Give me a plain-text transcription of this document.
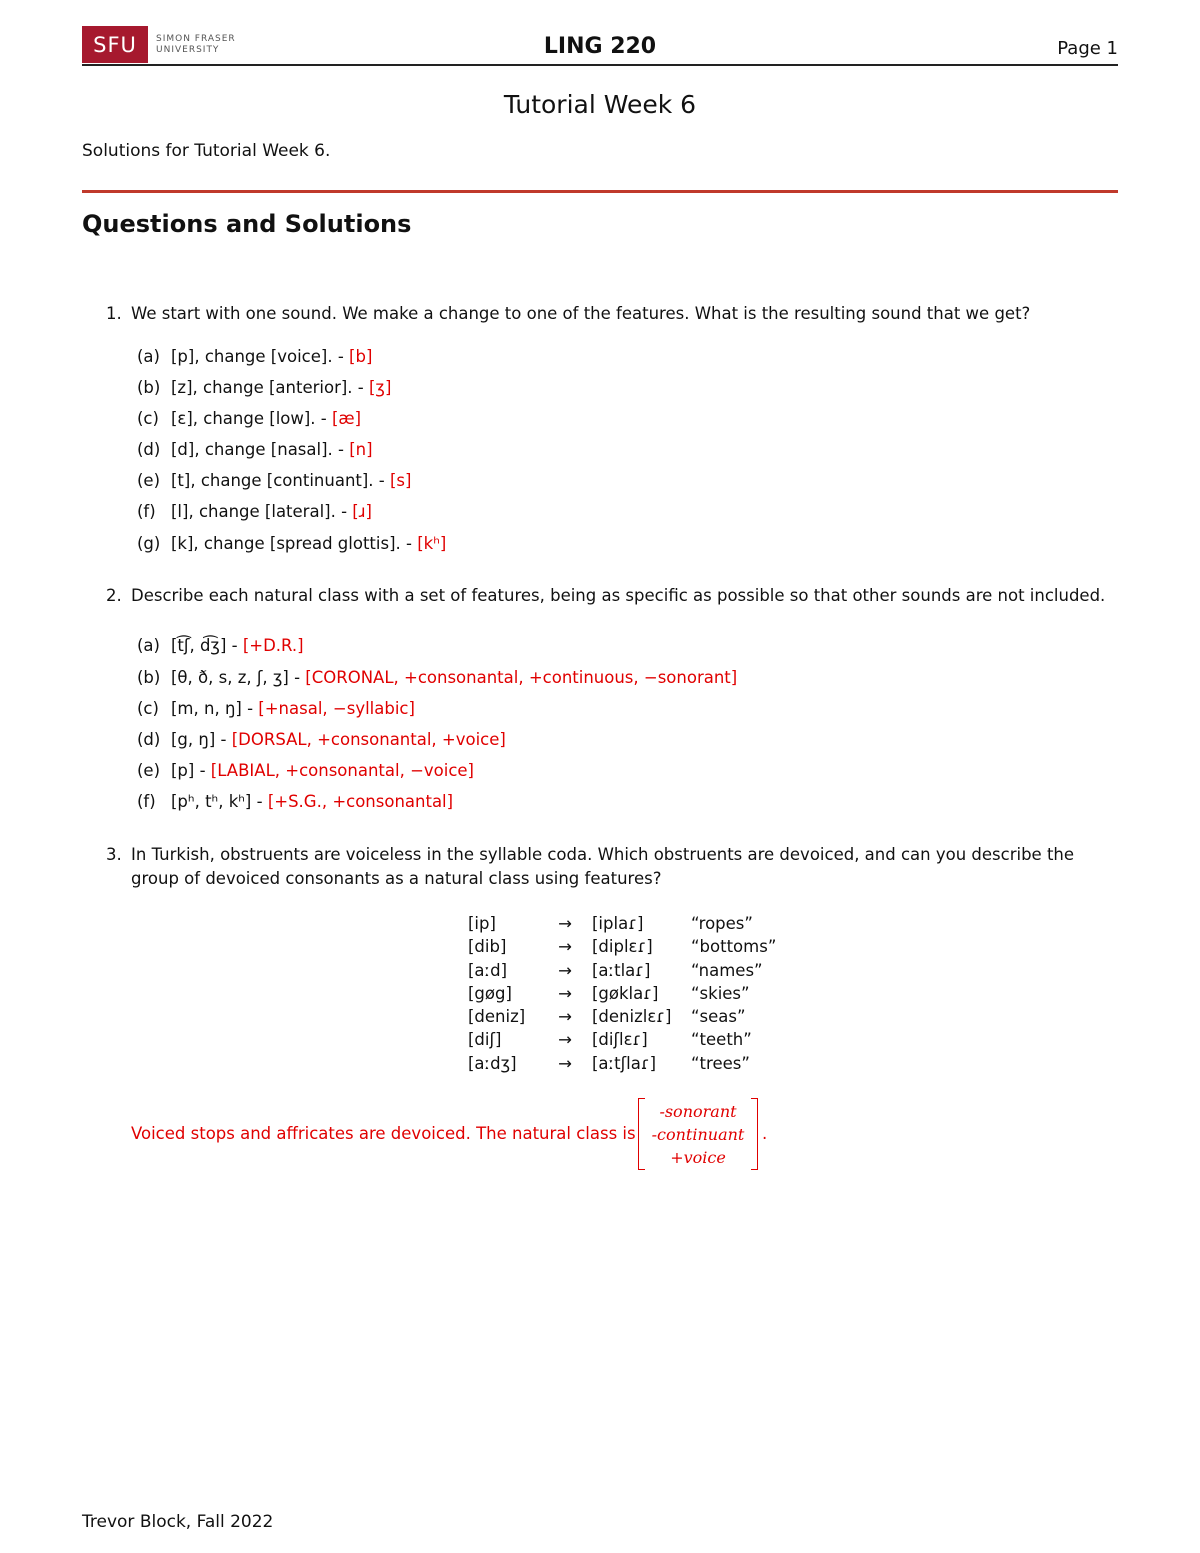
SFU	SIMON FRASER
UNIVERSITY	LING 220	Page 1
Tutorial Week 6
Solutions for Tutorial Week 6.
Questions and Solutions
1. We start with one sound. We make a change to one of the features. What is the resulting sound that we get?
(a) [p], change [voice]. - [b]
(b) [z], change [anterior]. - [ʒ]
(c) [ɛ], change [low]. - [æ]
(d) [d], change [nasal]. - [n]
(e) [t], change [continuant]. - [s]
(f) [l], change [lateral]. - [ɹ]
(g) [k], change [spread glottis]. - [kʰ]
2. Describe each natural class with a set of features, being as specific as possible so that other sounds are not included.
(a) [t͡ʃ, d͡ʒ] - [+D.R.]
(b) [θ, ð, s, z, ʃ, ʒ] - [CORONAL, +consonantal, +continuous, −sonorant]
(c) [m, n, ŋ] - [+nasal, −syllabic]
(d) [g, ŋ] - [DORSAL, +consonantal, +voice]
(e) [p] - [LABIAL, +consonantal, −voice]
(f) [pʰ, tʰ, kʰ] - [+S.G., +consonantal]
3. In Turkish, obstruents are voiceless in the syllable coda. Which obstruents are devoiced, and can you describe the group of devoiced consonants as a natural class using features?
[ip]	→	[iplaɾ]	“ropes”
[dib]	→	[diplɛɾ]	“bottoms”
[aːd]	→	[aːtlaɾ]	“names”
[gøg]	→	[gøklaɾ]	“skies”
[deniz]	→	[denizlɛɾ]	“seas”
[diʃ]	→	[diʃlɛɾ]	“teeth”
[aːdʒ]	→	[aːtʃlaɾ]	“trees”
Voiced stops and affricates are devoiced. The natural class is
-sonorant
-continuant
+voice
.
Trevor Block, Fall 2022
